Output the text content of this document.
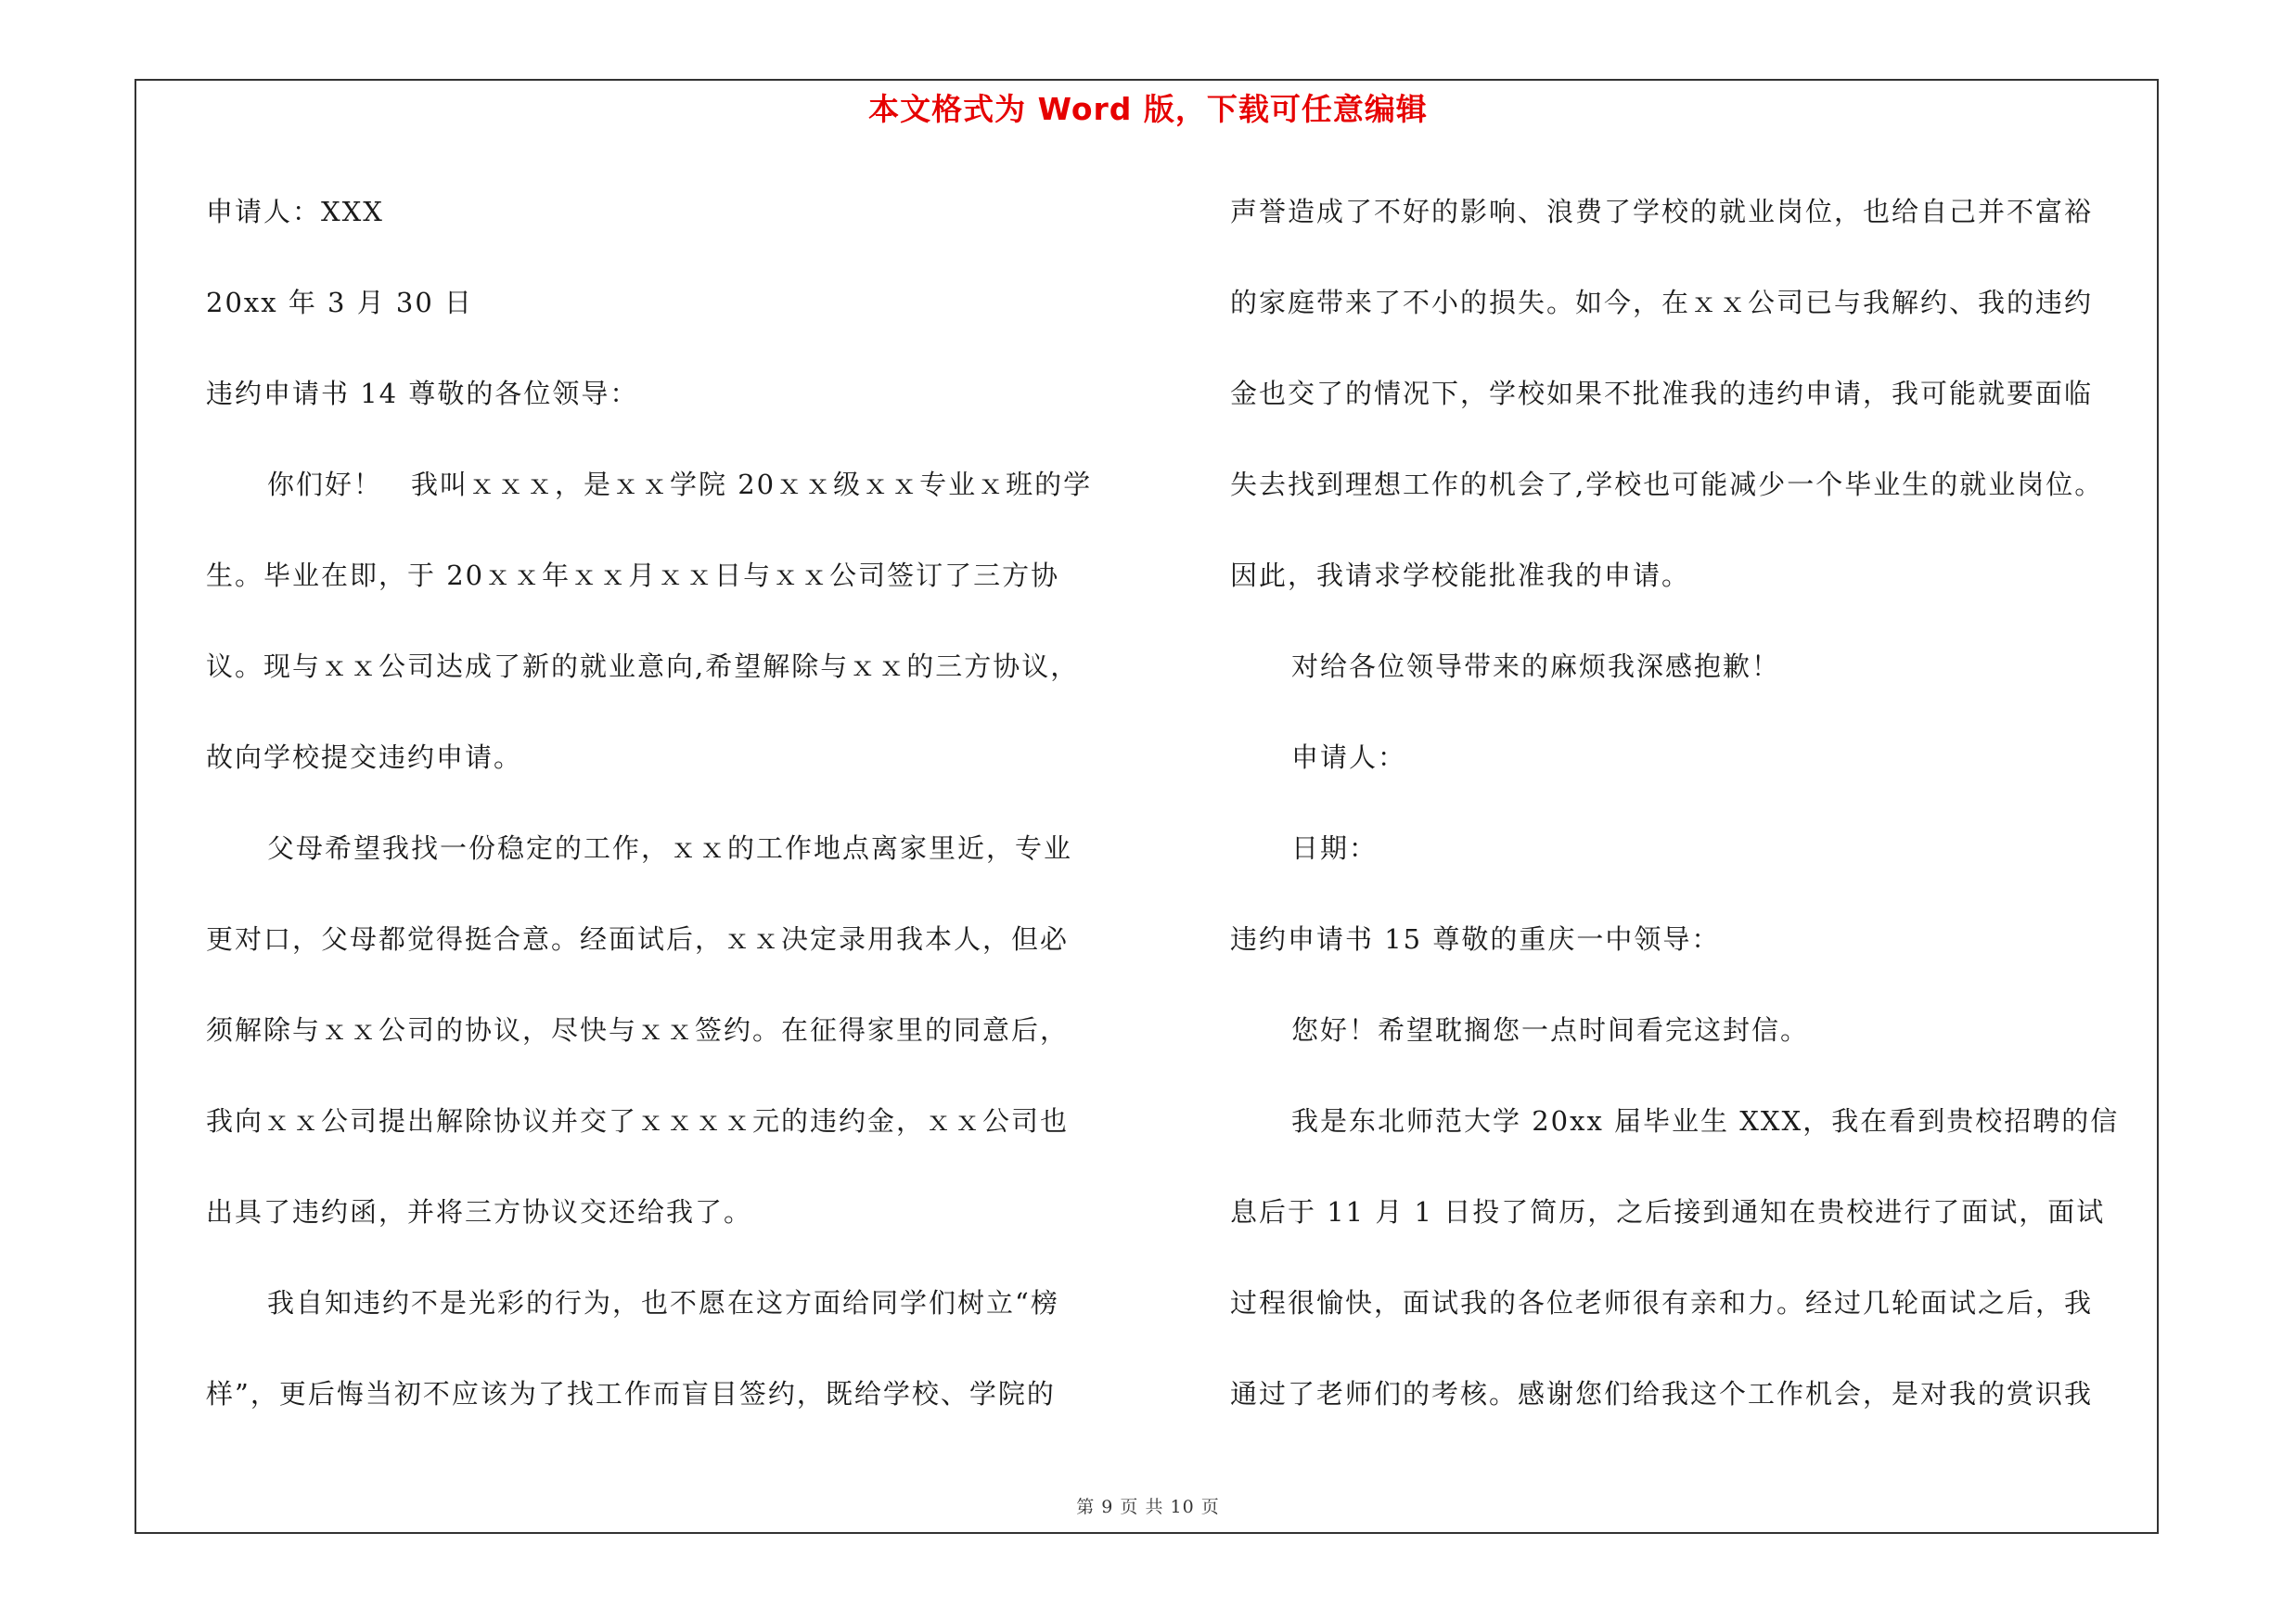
本文格式为 Word 版，下载可任意编辑
申请人：XXX
20xx 年 3 月 30 日
违约申请书 14 尊敬的各位领导：
你们好！　我叫ｘｘｘ，是ｘｘ学院 20ｘｘ级ｘｘ专业ｘ班的学
生。毕业在即，于 20ｘｘ年ｘｘ月ｘｘ日与ｘｘ公司签订了三方协
议。现与ｘｘ公司达成了新的就业意向,希望解除与ｘｘ的三方协议，
故向学校提交违约申请。
父母希望我找一份稳定的工作，ｘｘ的工作地点离家里近，专业
更对口，父母都觉得挺合意。经面试后，ｘｘ决定录用我本人，但必
须解除与ｘｘ公司的协议，尽快与ｘｘ签约。在征得家里的同意后，
我向ｘｘ公司提出解除协议并交了ｘｘｘｘ元的违约金，ｘｘ公司也
出具了违约函，并将三方协议交还给我了。
我自知违约不是光彩的行为，也不愿在这方面给同学们树立“榜
样”，更后悔当初不应该为了找工作而盲目签约，既给学校、学院的
声誉造成了不好的影响、浪费了学校的就业岗位，也给自己并不富裕
的家庭带来了不小的损失。如今，在ｘｘ公司已与我解约、我的违约
金也交了的情况下，学校如果不批准我的违约申请，我可能就要面临
失去找到理想工作的机会了,学校也可能减少一个毕业生的就业岗位。
因此，我请求学校能批准我的申请。
对给各位领导带来的麻烦我深感抱歉！
申请人：
日期：
违约申请书 15 尊敬的重庆一中领导：
您好！希望耽搁您一点时间看完这封信。
我是东北师范大学 20xx 届毕业生 XXX，我在看到贵校招聘的信
息后于 11 月 1 日投了简历，之后接到通知在贵校进行了面试，面试
过程很愉快，面试我的各位老师很有亲和力。经过几轮面试之后，我
通过了老师们的考核。感谢您们给我这个工作机会，是对我的赏识我
第 9 页 共 10 页
